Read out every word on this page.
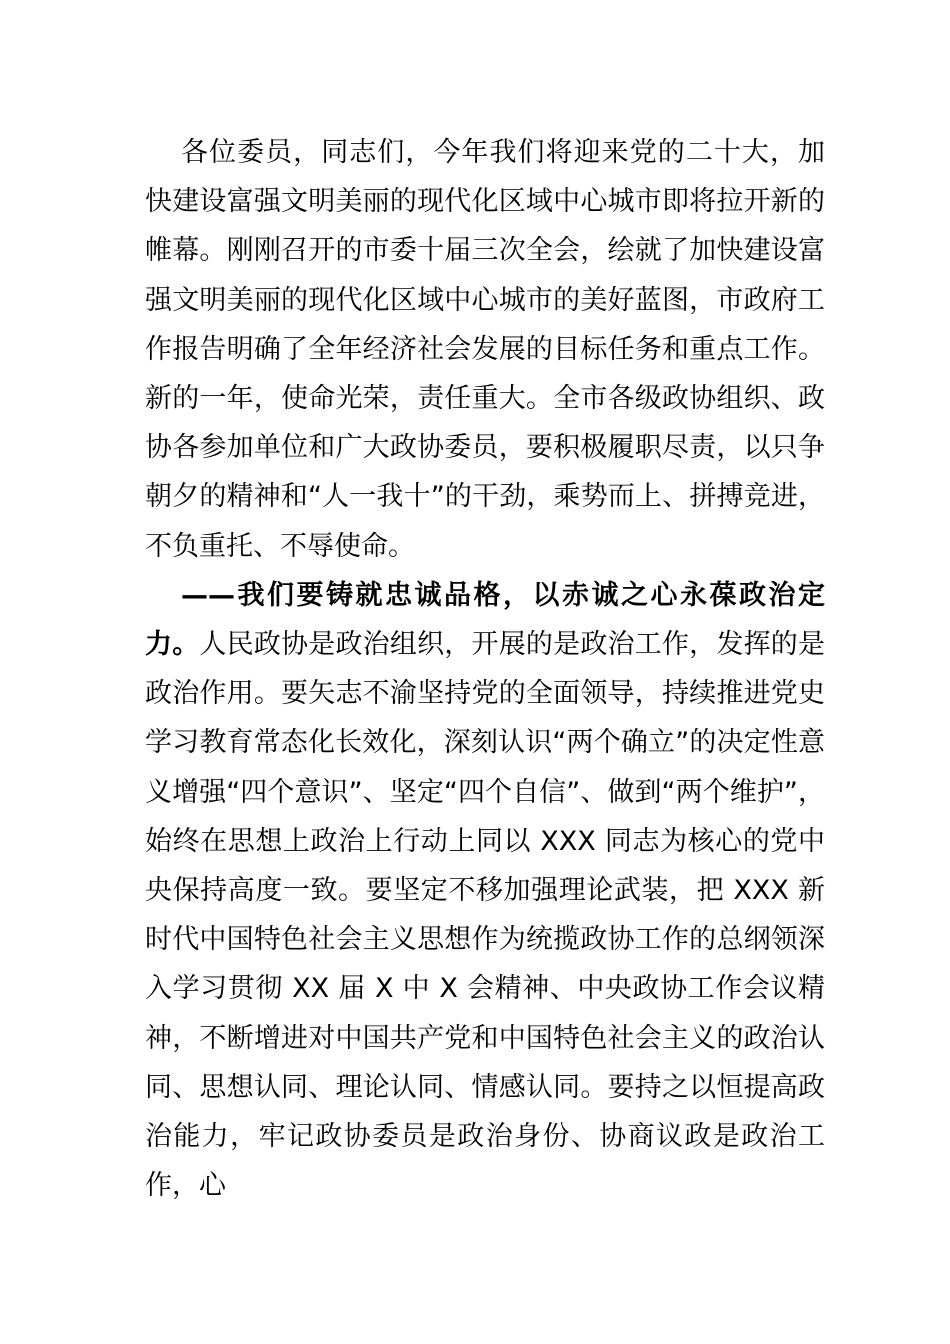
各位委员，同志们，今年我们将迎来党的二十大，加快建设富强文明美丽的现代化区域中心城市即将拉开新的帷幕。刚刚召开的市委十届三次全会，绘就了加快建设富强文明美丽的现代化区域中心城市的美好蓝图，市政府工作报告明确了全年经济社会发展的目标任务和重点工作。新的一年，使命光荣，责任重大。全市各级政协组织、政协各参加单位和广大政协委员，要积极履职尽责，以只争朝夕的精神和“人一我十”的干劲，乘势而上、拼搏竞进，不负重托、不辱使命。

——我们要铸就忠诚品格，以赤诚之心永葆政治定力。人民政协是政治组织，开展的是政治工作，发挥的是政治作用。要矢志不渝坚持党的全面领导，持续推进党史学习教育常态化长效化，深刻认识“两个确立”的决定性意义增强“四个意识”、坚定“四个自信”、做到“两个维护”，始终在思想上政治上行动上同以 XXX 同志为核心的党中央保持高度一致。要坚定不移加强理论武装，把 XXX 新时代中国特色社会主义思想作为统揽政协工作的总纲领深入学习贯彻 XX 届 X 中 X 会精神、中央政协工作会议精神，不断增进对中国共产党和中国特色社会主义的政治认同、思想认同、理论认同、情感认同。要持之以恒提高政治能力，牢记政协委员是政治身份、协商议政是政治工作，心
